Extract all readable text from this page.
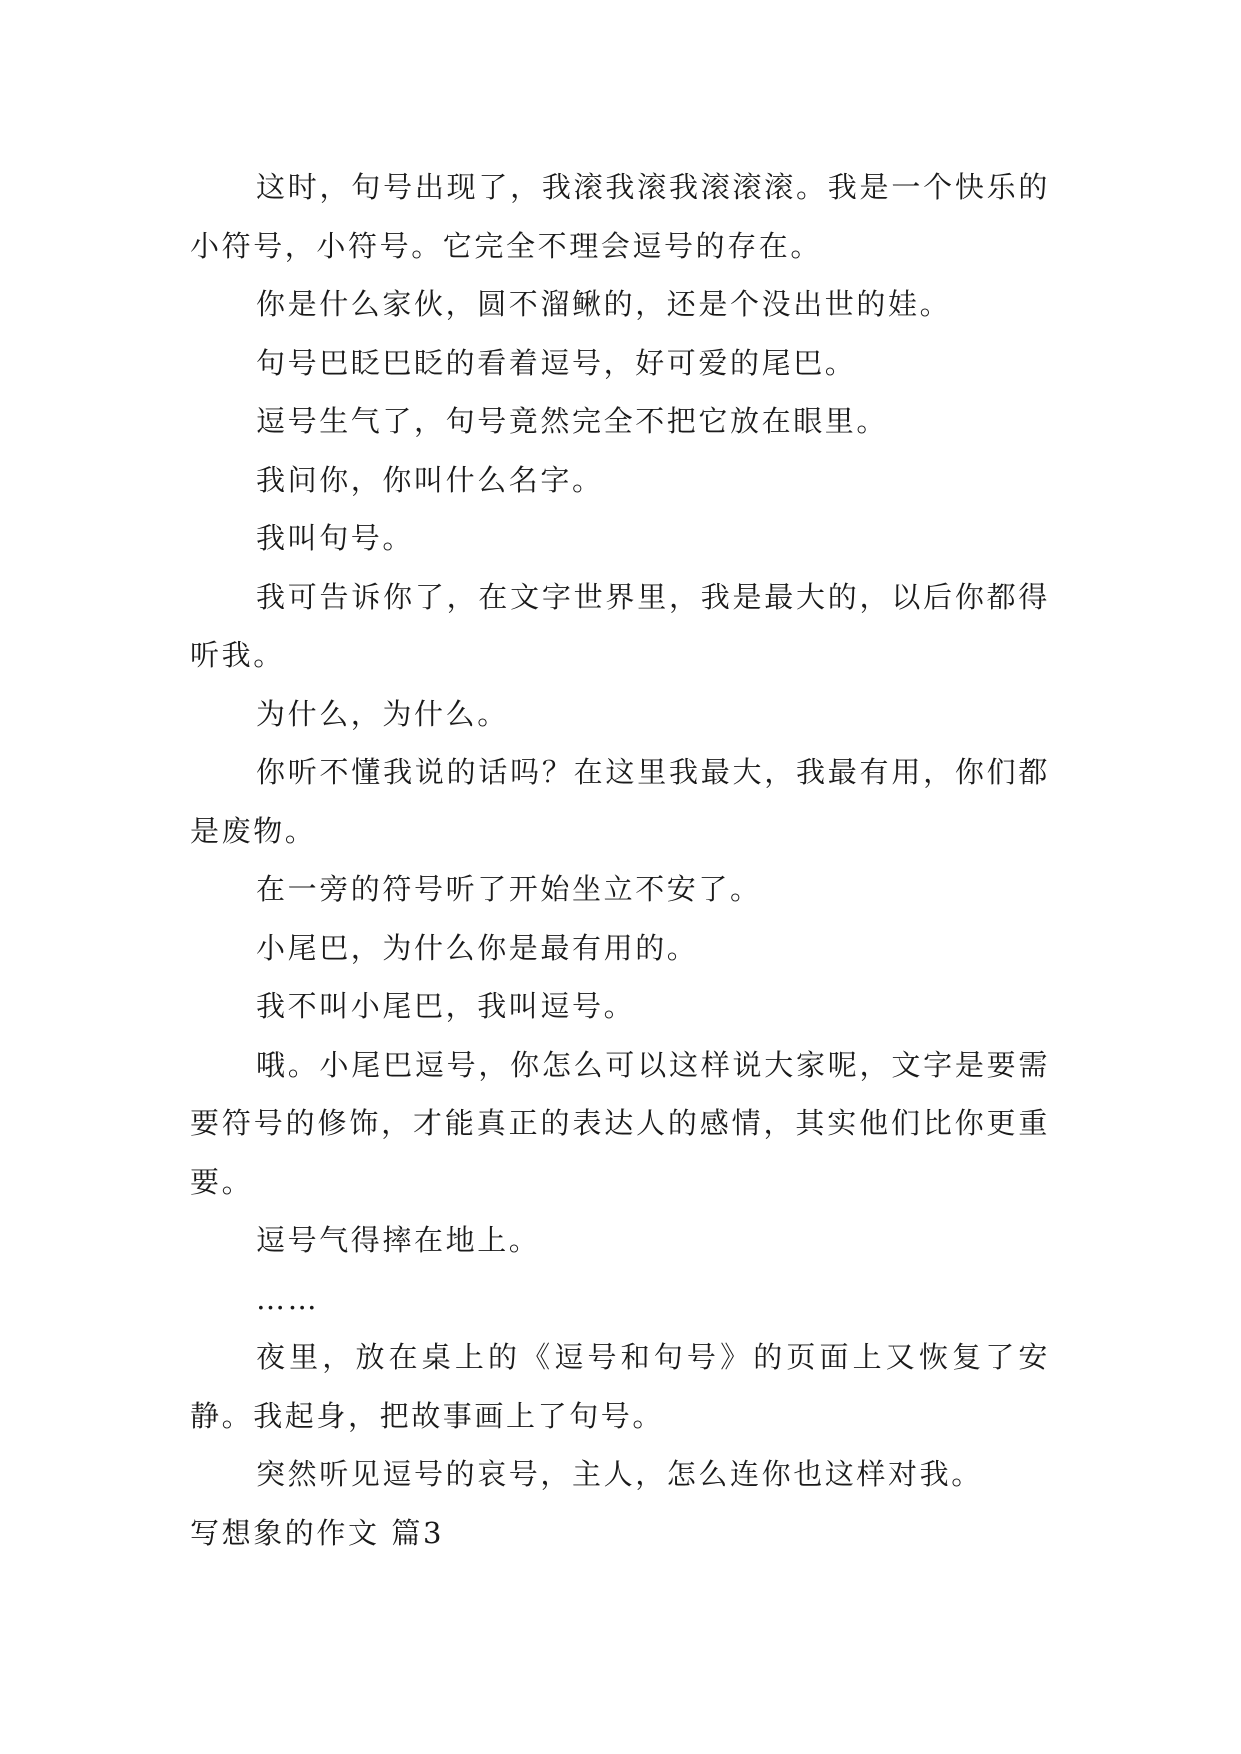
这时，句号出现了，我滚我滚我滚滚滚。我是一个快乐的小符号，小符号。它完全不理会逗号的存在。

你是什么家伙，圆不溜鳅的，还是个没出世的娃。

句号巴眨巴眨的看着逗号，好可爱的尾巴。

逗号生气了，句号竟然完全不把它放在眼里。

我问你，你叫什么名字。

我叫句号。

我可告诉你了，在文字世界里，我是最大的，以后你都得听我。

为什么，为什么。

你听不懂我说的话吗？在这里我最大，我最有用，你们都是废物。

在一旁的符号听了开始坐立不安了。

小尾巴，为什么你是最有用的。

我不叫小尾巴，我叫逗号。

哦。小尾巴逗号，你怎么可以这样说大家呢，文字是要需要符号的修饰，才能真正的表达人的感情，其实他们比你更重要。

逗号气得摔在地上。

……

夜里，放在桌上的《逗号和句号》的页面上又恢复了安静。我起身，把故事画上了句号。

突然听见逗号的哀号，主人，怎么连你也这样对我。

写想象的作文 篇3
